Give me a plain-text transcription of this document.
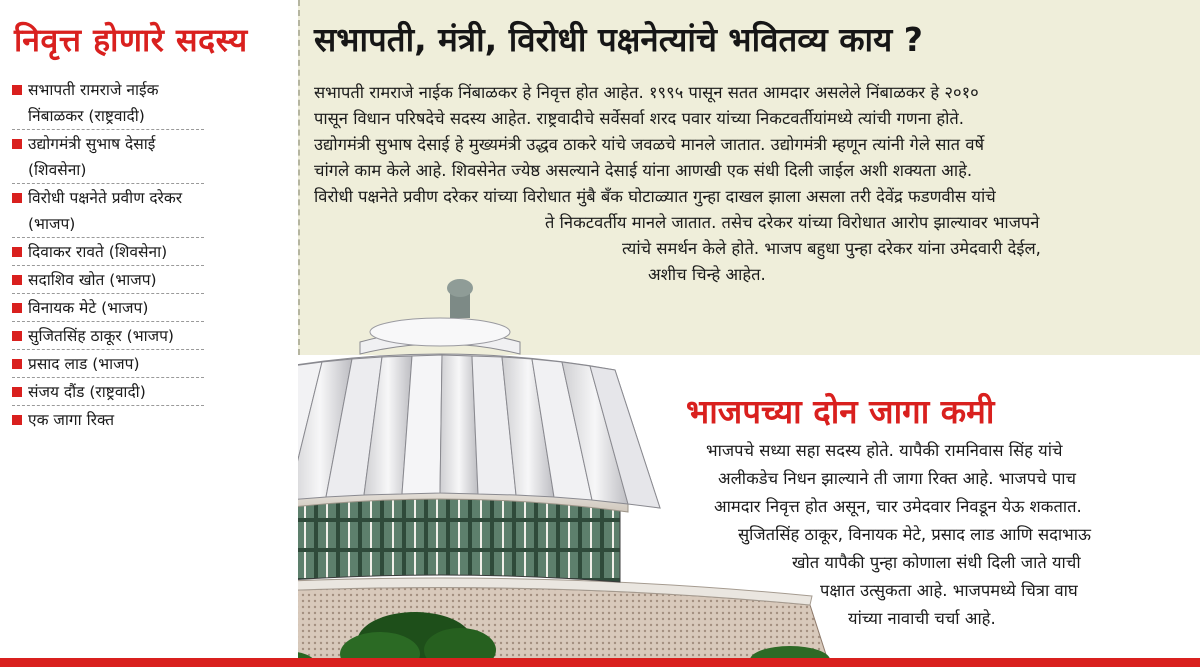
सभापती, मंत्री, विरोधी पक्षनेत्यांचे भवितव्य काय ?
सभापती रामराजे नाईक निंबाळकर हे निवृत्त होत आहेत. १९९५ पासून सतत आमदार असलेले निंबाळकर हे २०१०
पासून विधान परिषदेचे सदस्य आहेत. राष्ट्रवादीचे सर्वेसर्वा शरद पवार यांच्या निकटवर्तीयांमध्ये त्यांची गणना होते.
उद्योगमंत्री सुभाष देसाई हे मुख्यमंत्री उद्धव ठाकरे यांचे जवळचे मानले जातात. उद्योगमंत्री म्हणून त्यांनी गेले सात वर्षे
चांगले काम केले आहे. शिवसेनेत ज्येष्ठ असल्याने देसाई यांना आणखी एक संधी दिली जाईल अशी शक्यता आहे.
विरोधी पक्षनेते प्रवीण दरेकर यांच्या विरोधात मुंबै बँक घोटाळ्यात गुन्हा दाखल झाला असला तरी देवेंद्र फडणवीस यांचे
ते निकटवर्तीय मानले जातात. तसेच दरेकर यांच्या विरोधात आरोप झाल्यावर भाजपने
त्यांचे समर्थन केले होते. भाजप बहुधा पुन्हा दरेकर यांना उमेदवारी देईल,
अशीच चिन्हे आहेत.
निवृत्त होणारे सदस्य
सभापती रामराजे नाईक निंबाळकर (राष्ट्रवादी)
उद्योगमंत्री सुभाष देसाई (शिवसेना)
विरोधी पक्षनेते प्रवीण दरेकर (भाजप)
दिवाकर रावते (शिवसेना)
सदाशिव खोत (भाजप)
विनायक मेटे (भाजप)
सुजितसिंह ठाकूर (भाजप)
प्रसाद लाड (भाजप)
संजय दौंड (राष्ट्रवादी)
एक जागा रिक्त	भाजपच्या दोन जागा कमी
भाजपचे सध्या सहा सदस्य होते. यापैकी रामनिवास सिंह यांचे
अलीकडेच निधन झाल्याने ती जागा रिक्त आहे. भाजपचे पाच
आमदार निवृत्त होत असून, चार उमेदवार निवडून येऊ शकतात.
सुजितसिंह ठाकूर, विनायक मेटे, प्रसाद लाड आणि सदाभाऊ
खोत यापैकी पुन्हा कोणाला संधी दिली जाते याची
पक्षात उत्सुकता आहे. भाजपमध्ये चित्रा वाघ
यांच्या नावाची चर्चा आहे.
